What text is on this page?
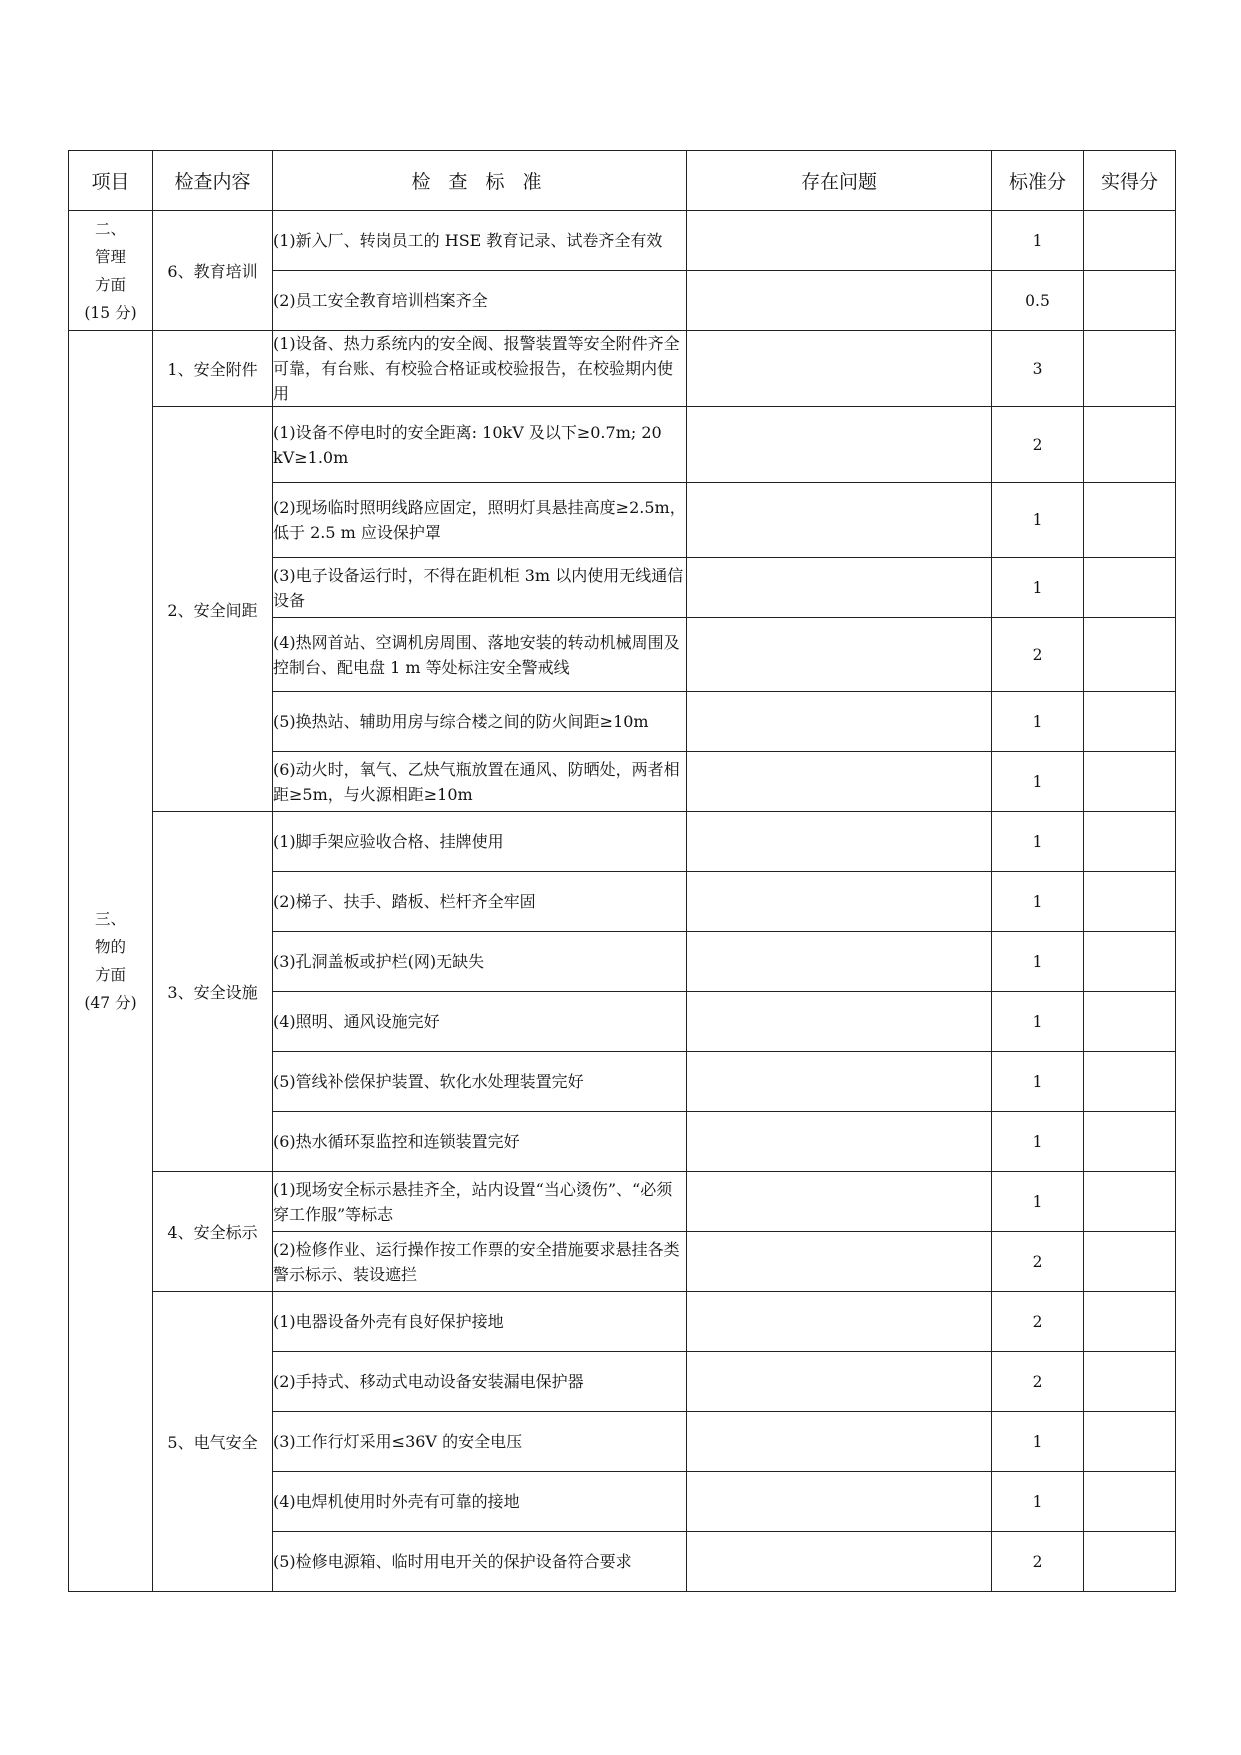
项目	检查内容	检 查 标 准	存在问题	标准分	实得分

二、
管理
方面
(15 分)	6、教育培训	(1)新入厂、转岗员工的 HSE 教育记录、试卷齐全有效		1	
		(2)员工安全教育培训档案齐全		0.5	

三、
物的
方面
(47 分)	1、安全附件	(1)设备、热力系统内的安全阀、报警装置等安全附件齐全可靠，有台账、有校验合格证或校验报告，在校验期内使用		3	
	2、安全间距	(1)设备不停电时的安全距离: 10kV 及以下≥0.7m; 20 kV≥1.0m		2	
		(2)现场临时照明线路应固定，照明灯具悬挂高度≥2.5m，低于 2.5 m 应设保护罩		1	
		(3)电子设备运行时，不得在距机柜 3m 以内使用无线通信设备		1	
		(4)热网首站、空调机房周围、落地安装的转动机械周围及控制台、配电盘 1 m 等处标注安全警戒线		2	
		(5)换热站、辅助用房与综合楼之间的防火间距≥10m		1	
		(6)动火时，氧气、乙炔气瓶放置在通风、防晒处，两者相距≥5m，与火源相距≥10m		1	
	3、安全设施	(1)脚手架应验收合格、挂牌使用		1	
		(2)梯子、扶手、踏板、栏杆齐全牢固		1	
		(3)孔洞盖板或护栏(网)无缺失		1	
		(4)照明、通风设施完好		1	
		(5)管线补偿保护装置、软化水处理装置完好		1	
		(6)热水循环泵监控和连锁装置完好		1	
	4、安全标示	(1)现场安全标示悬挂齐全，站内设置“当心烫伤”、“必须穿工作服”等标志		1	
		(2)检修作业、运行操作按工作票的安全措施要求悬挂各类警示标示、装设遮拦		2	
	5、电气安全	(1)电器设备外壳有良好保护接地		2	
		(2)手持式、移动式电动设备安装漏电保护器		2	
		(3)工作行灯采用≤36V 的安全电压		1	
		(4)电焊机使用时外壳有可靠的接地		1	
		(5)检修电源箱、临时用电开关的保护设备符合要求		2	
